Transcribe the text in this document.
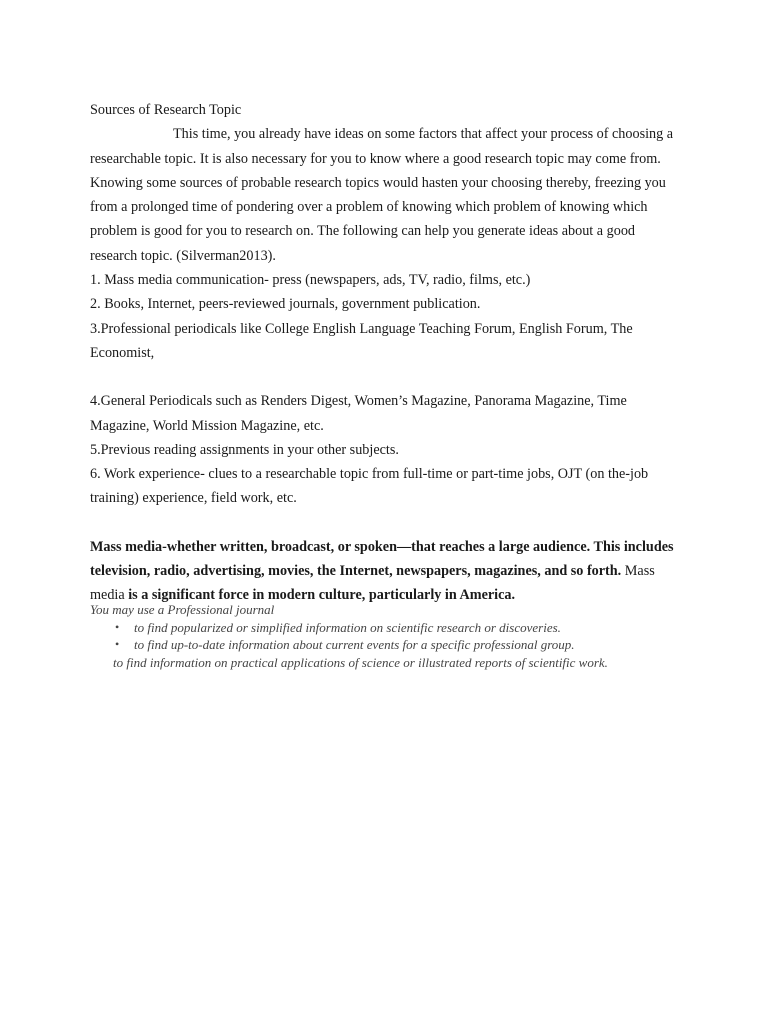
Sources of Research Topic

This time, you already have ideas on some factors that affect your process of choosing a researchable topic. It is also necessary for you to know where a good research topic may come from. Knowing some sources of probable research topics would hasten your choosing thereby, freezing you from a prolonged time of pondering over a problem of knowing which problem of knowing which problem is good for you to research on. The following can help you generate ideas about a good research topic. (Silverman2013).

1. Mass media communication- press (newspapers, ads, TV, radio, films, etc.)

2. Books, Internet, peers-reviewed journals, government publication.

3.Professional periodicals like College English Language Teaching Forum, English Forum, The Economist,

4.General Periodicals such as Renders Digest, Women’s Magazine, Panorama Magazine, Time Magazine, World Mission Magazine, etc.

5.Previous reading assignments in your other subjects.

6. Work experience- clues to a researchable topic from full-time or part-time jobs, OJT (on the-job training) experience, field work, etc.

Mass media-whether written, broadcast, or spoken—that reaches a large audience. This includes television, radio, advertising, movies, the Internet, newspapers, magazines, and so forth. Mass media is a significant force in modern culture, particularly in America.

You may use a Professional journal
• to find popularized or simplified information on scientific research or discoveries.
• to find up-to-date information about current events for a specific professional group.
to find information on practical applications of science or illustrated reports of scientific work.
